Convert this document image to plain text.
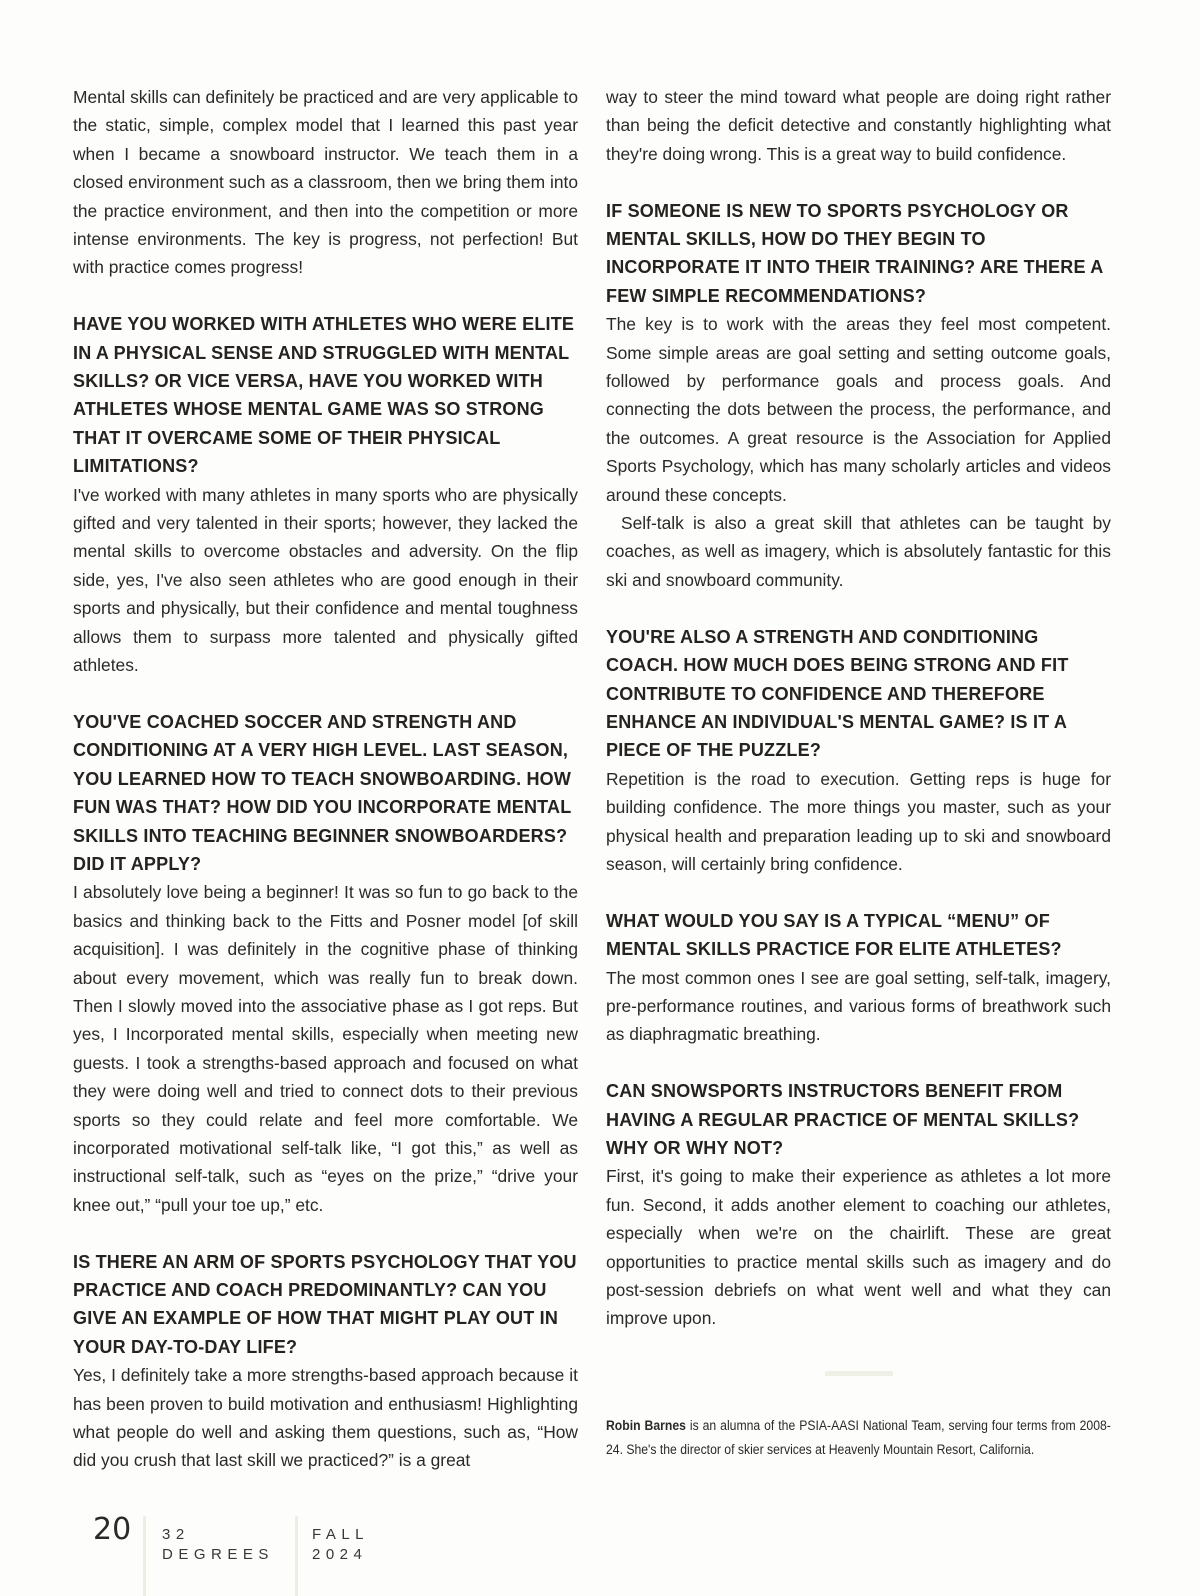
Mental skills can definitely be practiced and are very applicable to the static, simple, complex model that I learned this past year when I became a snowboard instructor. We teach them in a closed environment such as a classroom, then we bring them into the practice environment, and then into the competition or more intense environments. The key is progress, not perfection! But with practice comes progress!

HAVE YOU WORKED WITH ATHLETES WHO WERE ELITE IN A PHYSICAL SENSE AND STRUGGLED WITH MENTAL SKILLS? OR VICE VERSA, HAVE YOU WORKED WITH ATHLETES WHOSE MENTAL GAME WAS SO STRONG THAT IT OVERCAME SOME OF THEIR PHYSICAL LIMITATIONS?

I've worked with many athletes in many sports who are physically gifted and very talented in their sports; however, they lacked the mental skills to overcome obstacles and adversity. On the flip side, yes, I've also seen athletes who are good enough in their sports and physically, but their confidence and mental toughness allows them to surpass more talented and physically gifted athletes.

YOU'VE COACHED SOCCER AND STRENGTH AND CONDITIONING AT A VERY HIGH LEVEL. LAST SEASON, YOU LEARNED HOW TO TEACH SNOWBOARDING. HOW FUN WAS THAT? HOW DID YOU INCORPORATE MENTAL SKILLS INTO TEACHING BEGINNER SNOWBOARDERS? DID IT APPLY?

I absolutely love being a beginner! It was so fun to go back to the basics and thinking back to the Fitts and Posner model [of skill acquisition]. I was definitely in the cognitive phase of thinking about every movement, which was really fun to break down. Then I slowly moved into the associative phase as I got reps. But yes, I Incorporated mental skills, especially when meeting new guests. I took a strengths-based approach and focused on what they were doing well and tried to connect dots to their previous sports so they could relate and feel more comfortable. We incorporated motivational self-talk like, “I got this,” as well as instructional self-talk, such as “eyes on the prize,” “drive your knee out,” “pull your toe up,” etc.

IS THERE AN ARM OF SPORTS PSYCHOLOGY THAT YOU PRACTICE AND COACH PREDOMINANTLY? CAN YOU GIVE AN EXAMPLE OF HOW THAT MIGHT PLAY OUT IN YOUR DAY-TO-DAY LIFE?

Yes, I definitely take a more strengths-based approach because it has been proven to build motivation and enthusiasm! Highlighting what people do well and asking them questions, such as, “How did you crush that last skill we practiced?” is a great

way to steer the mind toward what people are doing right rather than being the deficit detective and constantly highlighting what they're doing wrong. This is a great way to build confidence.

IF SOMEONE IS NEW TO SPORTS PSYCHOLOGY OR MENTAL SKILLS, HOW DO THEY BEGIN TO INCORPORATE IT INTO THEIR TRAINING? ARE THERE A FEW SIMPLE RECOMMENDATIONS?

The key is to work with the areas they feel most competent. Some simple areas are goal setting and setting outcome goals, followed by performance goals and process goals. And connecting the dots between the process, the performance, and the outcomes. A great resource is the Association for Applied Sports Psychology, which has many scholarly articles and videos around these concepts.

Self-talk is also a great skill that athletes can be taught by coaches, as well as imagery, which is absolutely fantastic for this ski and snowboard community.

YOU'RE ALSO A STRENGTH AND CONDITIONING COACH. HOW MUCH DOES BEING STRONG AND FIT CONTRIBUTE TO CONFIDENCE AND THEREFORE ENHANCE AN INDIVIDUAL'S MENTAL GAME? IS IT A PIECE OF THE PUZZLE?

Repetition is the road to execution. Getting reps is huge for building confidence. The more things you master, such as your physical health and preparation leading up to ski and snowboard season, will certainly bring confidence.

WHAT WOULD YOU SAY IS A TYPICAL “MENU” OF MENTAL SKILLS PRACTICE FOR ELITE ATHLETES?

The most common ones I see are goal setting, self-talk, imagery, pre-performance routines, and various forms of breathwork such as diaphragmatic breathing.

CAN SNOWSPORTS INSTRUCTORS BENEFIT FROM HAVING A REGULAR PRACTICE OF MENTAL SKILLS? WHY OR WHY NOT?

First, it's going to make their experience as athletes a lot more fun. Second, it adds another element to coaching our athletes, especially when we're on the chairlift. These are great opportunities to practice mental skills such as imagery and do post-session debriefs on what went well and what they can improve upon.

Robin Barnes is an alumna of the PSIA-AASI National Team, serving four terms from 2008-24. She's the director of skier services at Heavenly Mountain Resort, California.
20 32 DEGREES
FALL 2024
